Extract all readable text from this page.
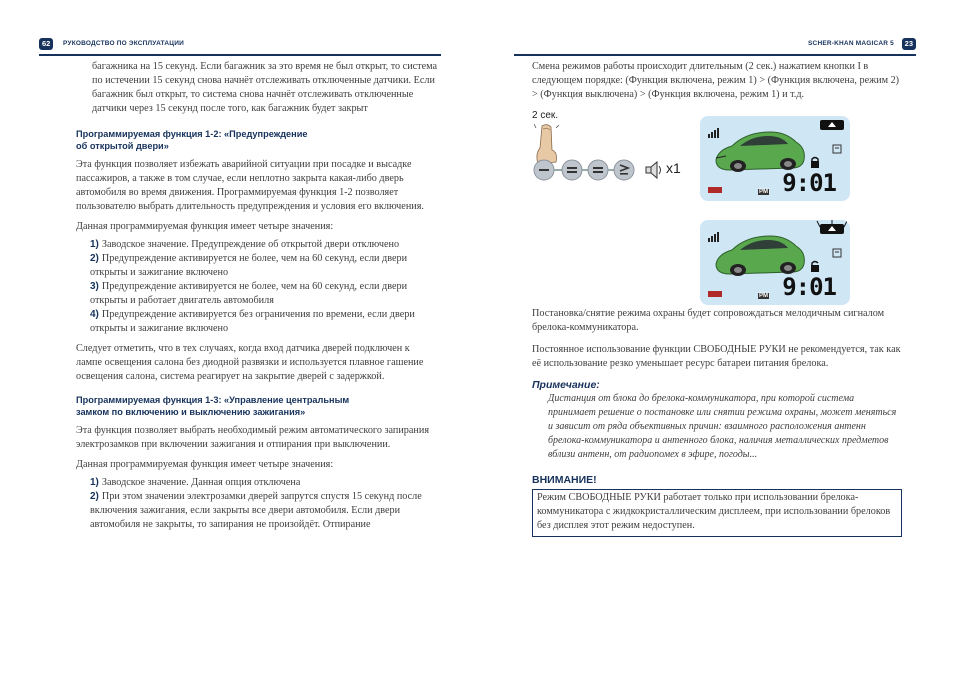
62	РУКОВОДСТВО ПО ЭКСПЛУАТАЦИИ	SCHER-KHAN MAGICAR 5	23

багажника на 15 секунд. Если багажник за это время не был открыт, то система по истечении 15 секунд снова начнёт отслеживать отключенные датчики. Если багажник был открыт, то система снова начнёт отслеживать отключенные датчики через 15 секунд после того, как багажник будет закрыт

Программируемая функция 1-2: «Предупреждение
об открытой двери»

Эта функция позволяет избежать аварийной ситуации при посадке и высадке пассажиров, а также в том случае, если неплотно закрыта какая-либо дверь автомобиля во время движения. Программируемая функция 1-2 позволяет пользователю выбрать длительность предупреждения и условия его включения.

Данная программируемая функция имеет четыре значения:

1) Заводское значение. Предупреждение об открытой двери отключено
2) Предупреждение активируется не более, чем на 60 секунд, если двери открыты и зажигание включено
3) Предупреждение активируется не более, чем на 60 секунд, если двери открыты и работает двигатель автомобиля
4) Предупреждение активируется без ограничения по времени, если двери открыты и зажигание включено

Следует отметить, что в тех случаях, когда вход датчика дверей подключен к лампе освещения салона без диодной развязки и используется плавное гашение освещения салона, система реагирует на закрытие дверей с задержкой.

Программируемая функция 1-3: «Управление центральным
замком по включению и выключению зажигания»

Эта функция позволяет выбрать необходимый режим автоматического запирания электрозамков при включении зажигания и отпирания при выключении.

Данная программируемая функция имеет четыре значения:

1) Заводское значение. Данная опция отключена
2) При этом значении электрозамки дверей запрутся спустя 15 секунд после включения зажигания, если закрыты все двери автомобиля. Если двери автомобиля не закрыты, то запирания не произойдёт. Отпирание

Смена режимов работы происходит длительным (2 сек.) нажатием кнопки I в следующем порядке: (Функция включена, режим 1) > (Функция включена, режим 2) > (Функция выключена) > (Функция включена, режим 1) и т.д.

2 сек.
x1
PM 9:01
PM 9:01

Постановка/снятие режима охраны будет сопровождаться мелодичным сигналом брелока-коммуникатора.

Постоянное использование функции СВОБОДНЫЕ РУКИ не рекомендуется, так как её использование резко уменьшает ресурс батареи питания брелока.

Примечание:

Дистанция от блока до брелока-коммуникатора, при которой система принимает решение о постановке или снятии режима охраны, может меняться и зависит от ряда объективных причин: взаимного расположения антенн брелока-коммуникатора и антенного блока, наличия металлических предметов вблизи антенн, от радиопомех в эфире, погоды...

ВНИМАНИЕ!
Режим СВОБОДНЫЕ РУКИ работает только при использовании брелока-коммуникатора с жидкокристаллическим дисплеем, при использовании брелоков без дисплея этот режим недоступен.
